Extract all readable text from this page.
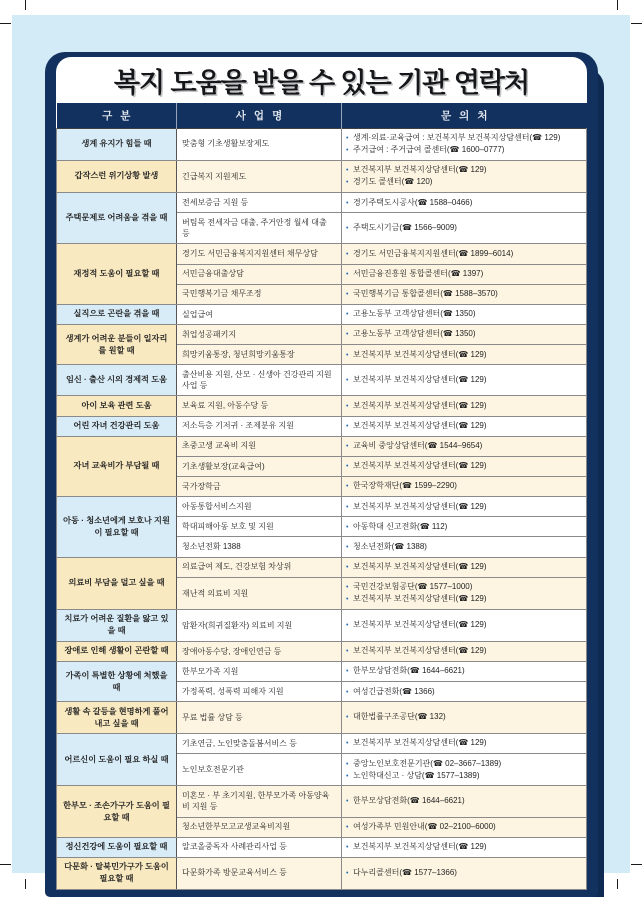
복지 도움을 받을 수 있는 기관 연락처
구분	사업명	문의처
생계 유지가 힘들 때	맞춤형 기초생활보장제도	• 생계·의료·교육급여 : 보건복지부 보건복지상담센터(☎ 129)
• 주거급여 : 주거급여 콜센터(☎ 1600–0777)

갑작스런 위기상황 발생	긴급복지 지원제도	• 보건복지부 보건복지상담센터(☎ 129)
• 경기도 콜센터(☎ 120)

주택문제로 어려움을 겪을 때	전세보증금 지원 등	• 경기주택도시공사(☎ 1588–0466)

	버팀목 전세자금 대출, 주거안정 월세 대출 등	• 주택도시기금(☎ 1566–9009)

재정적 도움이 필요할 때	경기도 서민금융복지지원센터 채무상담	• 경기도 서민금융복지지원센터(☎ 1899–6014)

	서민금융대출상담	• 서민금융진흥원 통합콜센터(☎ 1397)

	국민행복기금 채무조정	• 국민행복기금 통합콜센터(☎ 1588–3570)

실직으로 곤란을 겪을 때	실업급여	• 고용노동부 고객상담센터(☎ 1350)

생계가 어려운 분들이 일자리를 원할 때	취업성공패키지	• 고용노동부 고객상담센터(☎ 1350)

	희망키움통장, 청년희망키움통장	• 보건복지부 보건복지상담센터(☎ 129)

임신 · 출산 시의 경제적 도움	출산비용 지원, 산모 · 신생아 건강관리 지원사업 등	• 보건복지부 보건복지상담센터(☎ 129)

아이 보육 관련 도움	보육료 지원, 아동수당 등	• 보건복지부 보건복지상담센터(☎ 129)

어린 자녀 건강관리 도움	저소득층 기저귀 · 조제분유 지원	• 보건복지부 보건복지상담센터(☎ 129)

자녀 교육비가 부담될 때	초중고생 교육비 지원	• 교육비 중앙상담센터(☎ 1544–9654)

	기초생활보장(교육급여)	• 보건복지부 보건복지상담센터(☎ 129)

	국가장학금	• 한국장학재단(☎ 1599–2290)

아동 · 청소년에게 보호나 지원이 필요할 때	아동통합서비스지원	• 보건복지부 보건복지상담센터(☎ 129)

	학대피해아동 보호 및 지원	• 아동학대 신고전화(☎ 112)

	청소년전화 1388	• 청소년전화(☎ 1388)

의료비 부담을 덜고 싶을 때	의료급여 제도, 건강보험 차상위	• 보건복지부 보건복지상담센터(☎ 129)

	재난적 의료비 지원	• 국민건강보험공단(☎ 1577–1000)
• 보건복지부 보건복지상담센터(☎ 129)

치료가 어려운 질환을 앓고 있을 때	암환자(희귀질환자) 의료비 지원	• 보건복지부 보건복지상담센터(☎ 129)

장애로 인해 생활이 곤란할 때	장애아동수당, 장애인연금 등	• 보건복지부 보건복지상담센터(☎ 129)

가족이 특별한 상황에 처했을 때	한부모가족 지원	• 한부모상담전화(☎ 1644–6621)

	가정폭력, 성폭력 피해자 지원	• 여성긴급전화(☎ 1366)

생활 속 갈등을 현명하게 풀어내고 싶을 때	무료 법률 상담 등	• 대한법률구조공단(☎ 132)

어르신이 도움이 필요 하실 때	기초연금, 노인맞춤돌봄서비스 등	• 보건복지부 보건복지상담센터(☎ 129)

	노인보호전문기관	• 중앙노인보호전문기관(☎ 02–3667–1389)
• 노인학대신고 · 상담(☎ 1577–1389)

한부모 · 조손가구가 도움이 필요할 때	미혼모 · 부 초기지원, 한부모가족 아동양육비 지원 등	• 한부모상담전화(☎ 1644–6621)

	청소년한부모고교생교육비지원	• 여성가족부 민원안내(☎ 02–2100–6000)

정신건강에 도움이 필요할 때	알코올중독자 사례관리사업 등	• 보건복지부 보건복지상담센터(☎ 129)

다문화 · 탈북민가구가 도움이 필요할 때	다문화가족 방문교육서비스 등	• 다누리콜센터(☎ 1577–1366)
